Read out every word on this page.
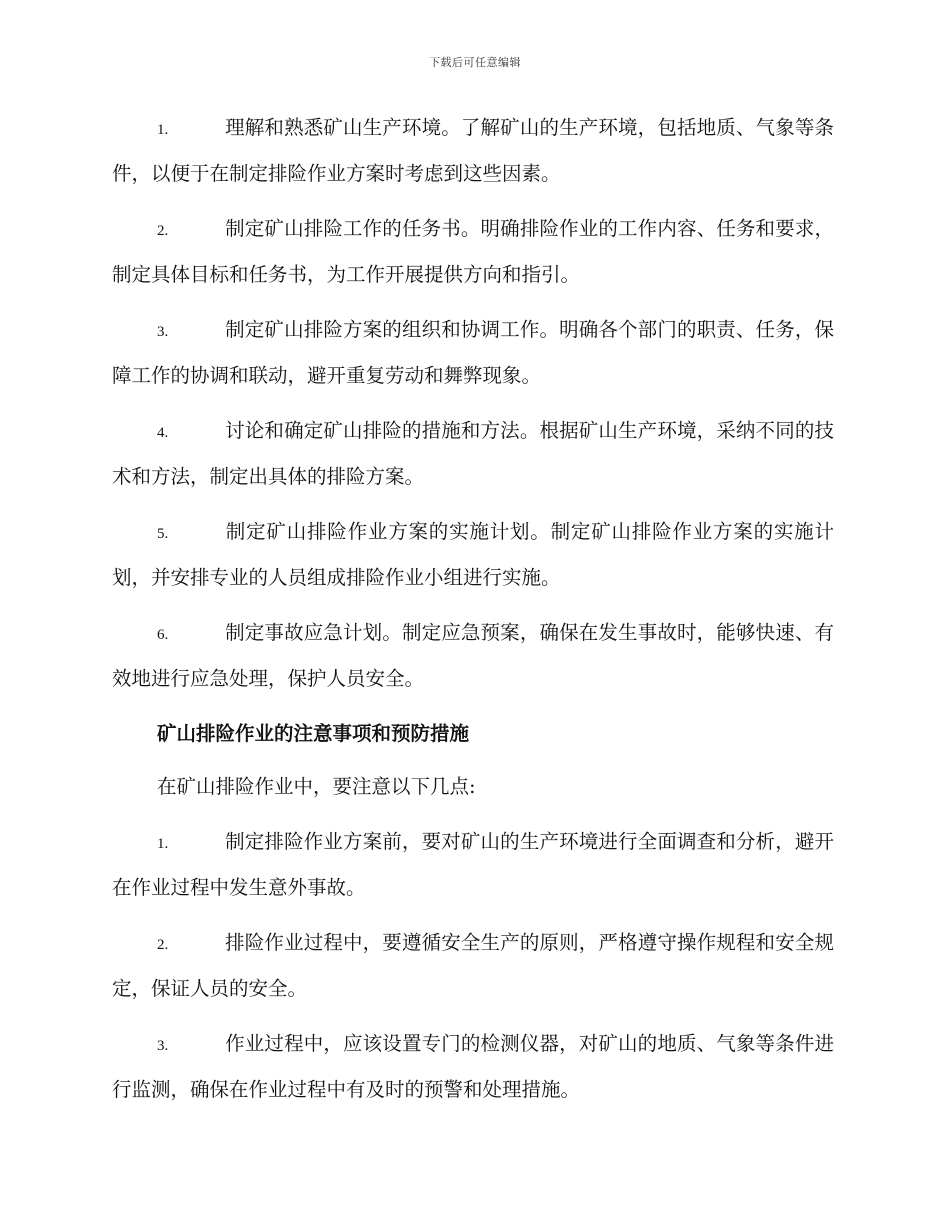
下载后可任意编辑

1.	理解和熟悉矿山生产环境。了解矿山的生产环境，包括地质、气象等条件，以便于在制定排险作业方案时考虑到这些因素。

2.	制定矿山排险工作的任务书。明确排险作业的工作内容、任务和要求，制定具体目标和任务书，为工作开展提供方向和指引。

3.	制定矿山排险方案的组织和协调工作。明确各个部门的职责、任务，保障工作的协调和联动，避开重复劳动和舞弊现象。

4.	讨论和确定矿山排险的措施和方法。根据矿山生产环境，采纳不同的技术和方法，制定出具体的排险方案。

5.	制定矿山排险作业方案的实施计划。制定矿山排险作业方案的实施计划，并安排专业的人员组成排险作业小组进行实施。

6.	制定事故应急计划。制定应急预案，确保在发生事故时，能够快速、有效地进行应急处理，保护人员安全。

矿山排险作业的注意事项和预防措施

在矿山排险作业中，要注意以下几点:

1.	制定排险作业方案前，要对矿山的生产环境进行全面调查和分析，避开在作业过程中发生意外事故。

2.	排险作业过程中，要遵循安全生产的原则，严格遵守操作规程和安全规定，保证人员的安全。

3.	作业过程中，应该设置专门的检测仪器，对矿山的地质、气象等条件进行监测，确保在作业过程中有及时的预警和处理措施。
